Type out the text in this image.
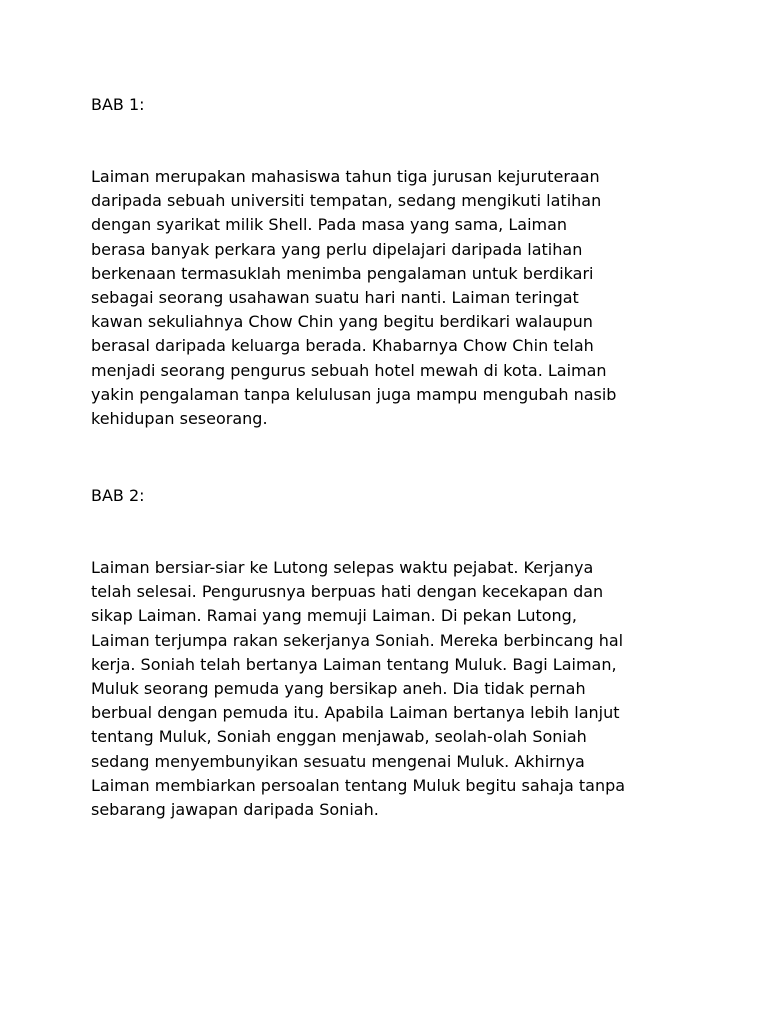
BAB 1:
Laiman merupakan mahasiswa tahun tiga jurusan kejuruteraan
daripada sebuah universiti tempatan, sedang mengikuti latihan
dengan syarikat milik Shell. Pada masa yang sama, Laiman
berasa banyak perkara yang perlu dipelajari daripada latihan
berkenaan termasuklah menimba pengalaman untuk berdikari
sebagai seorang usahawan suatu hari nanti. Laiman teringat
kawan sekuliahnya Chow Chin yang begitu berdikari walaupun
berasal daripada keluarga berada. Khabarnya Chow Chin telah
menjadi seorang pengurus sebuah hotel mewah di kota. Laiman
yakin pengalaman tanpa kelulusan juga mampu mengubah nasib
kehidupan seseorang.
BAB 2:
Laiman bersiar-siar ke Lutong selepas waktu pejabat. Kerjanya
telah selesai. Pengurusnya berpuas hati dengan kecekapan dan
sikap Laiman. Ramai yang memuji Laiman. Di pekan Lutong,
Laiman terjumpa rakan sekerjanya Soniah. Mereka berbincang hal
kerja. Soniah telah bertanya Laiman tentang Muluk. Bagi Laiman,
Muluk seorang pemuda yang bersikap aneh. Dia tidak pernah
berbual dengan pemuda itu. Apabila Laiman bertanya lebih lanjut
tentang Muluk, Soniah enggan menjawab, seolah-olah Soniah
sedang menyembunyikan sesuatu mengenai Muluk. Akhirnya
Laiman membiarkan persoalan tentang Muluk begitu sahaja tanpa
sebarang jawapan daripada Soniah.
